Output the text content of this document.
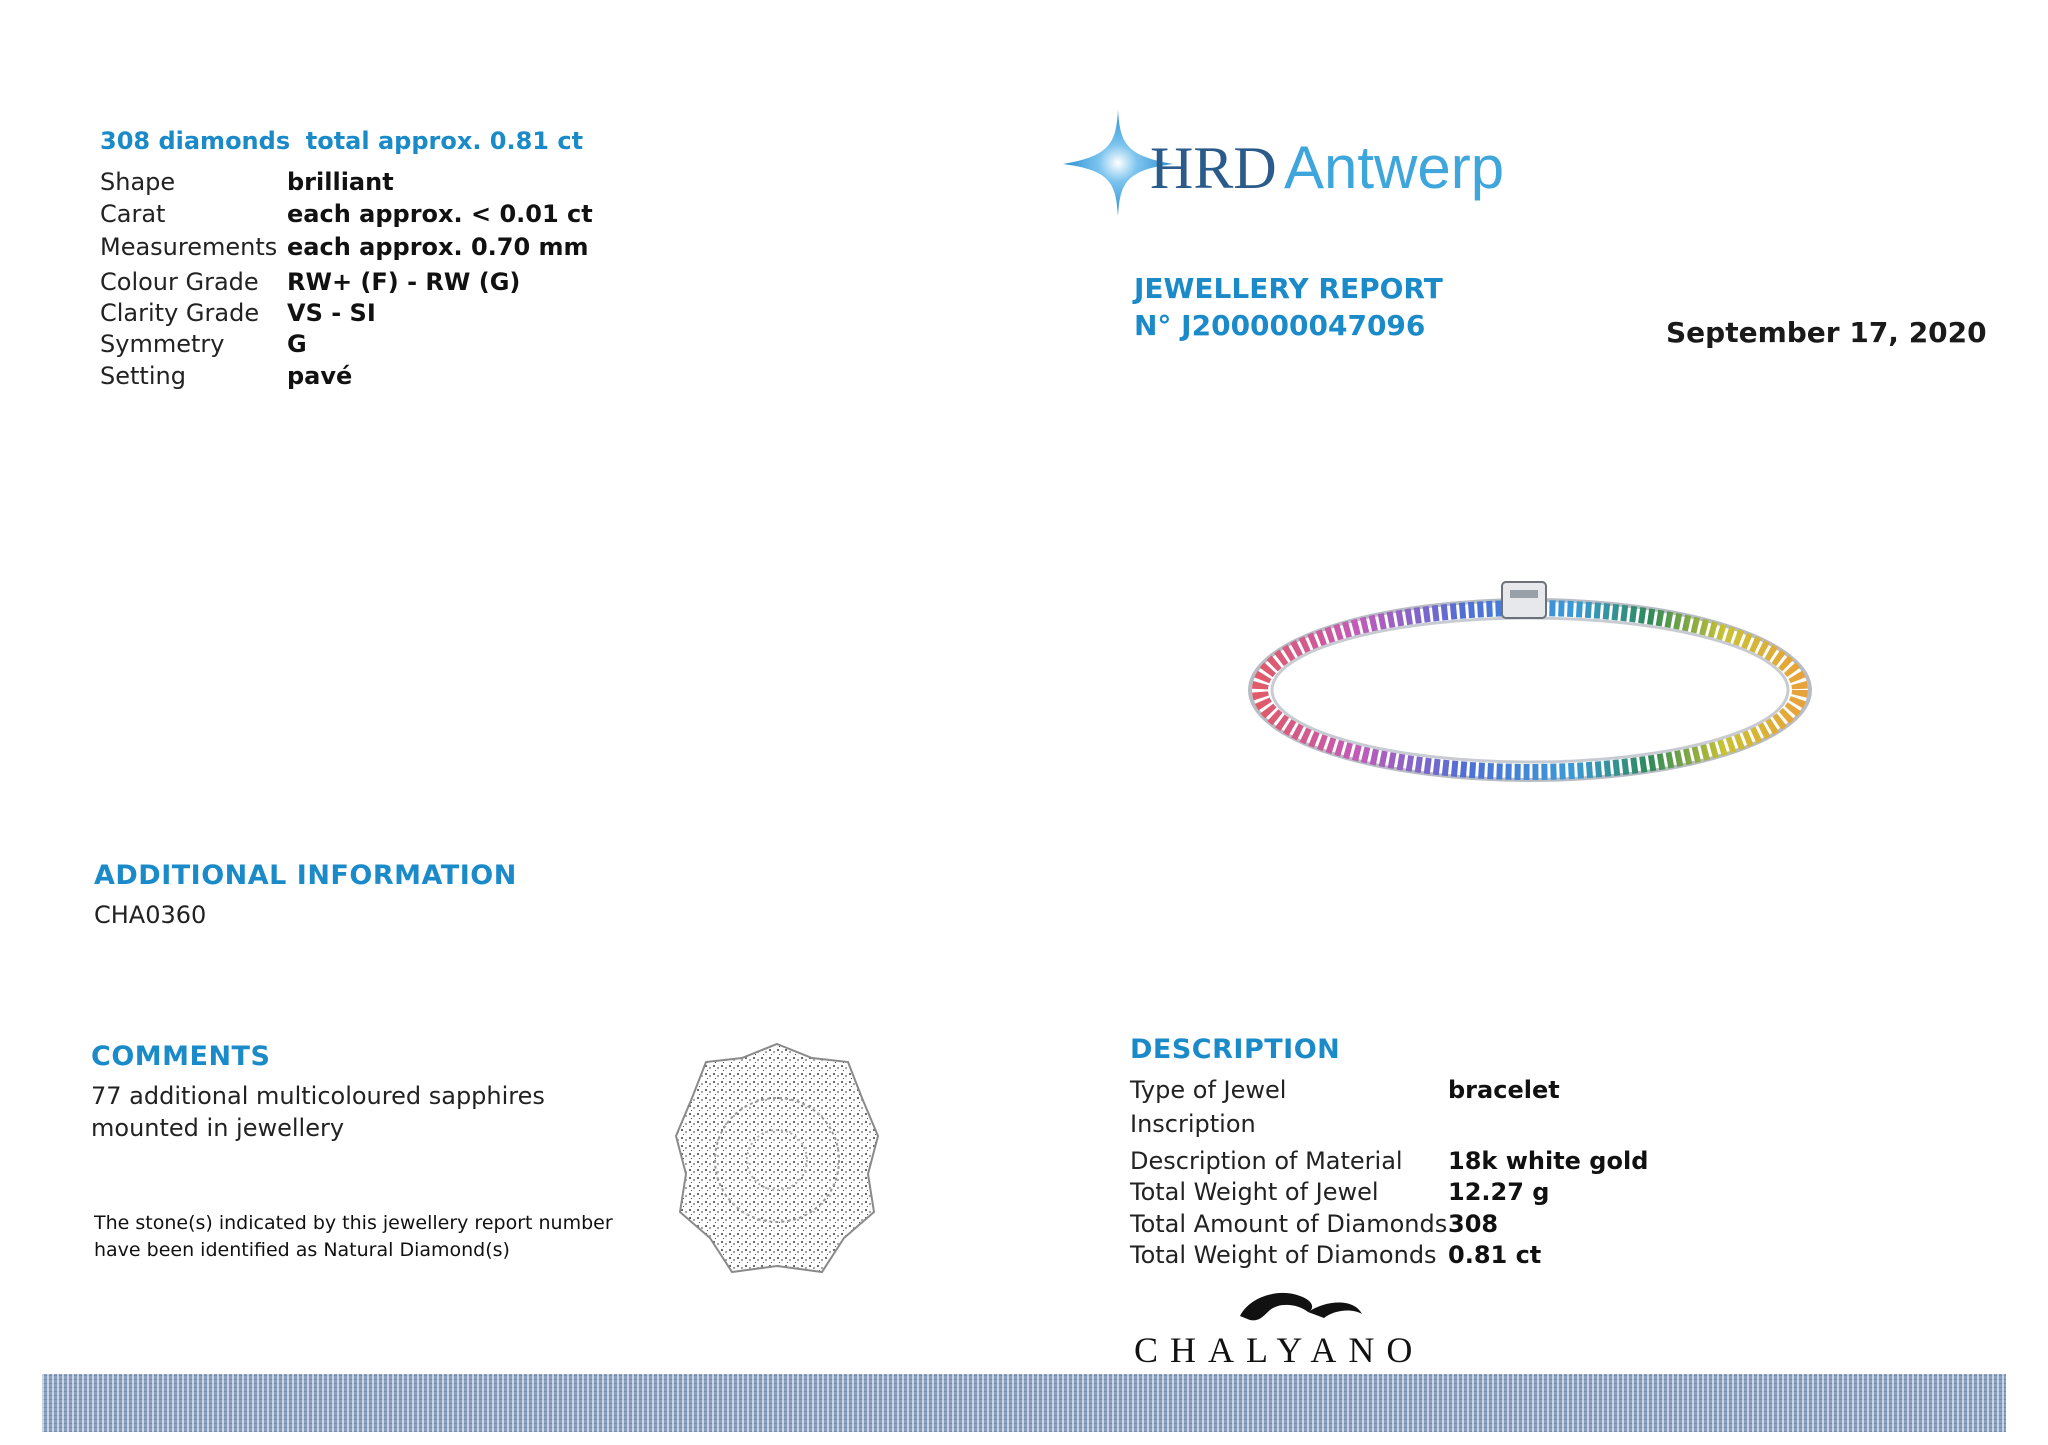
HRD Antwerp
JEWELLERY REPORT
N° J200000047096	September 17, 2020
308 diamonds total approx. 0.81 ct
Shape	brilliant
Carat	each approx. < 0.01 ct
Measurements each approx. 0.70 mm
Colour Grade	RW+ (F) - RW (G)
Clarity Grade	VS - SI
Symmetry	G
Setting	pavé
ADDITIONAL INFORMATION
CHA0360
COMMENTS
77 additional multicoloured sapphires
mounted in jewellery
The stone(s) indicated by this jewellery report number
have been identified as Natural Diamond(s)
DESCRIPTION
Type of Jewel	bracelet
Inscription
Description of Material	18k white gold
Total Weight of Jewel	12.27 g
Total Amount of Diamonds 308
Total Weight of Diamonds 0.81 ct
CHALYANO
